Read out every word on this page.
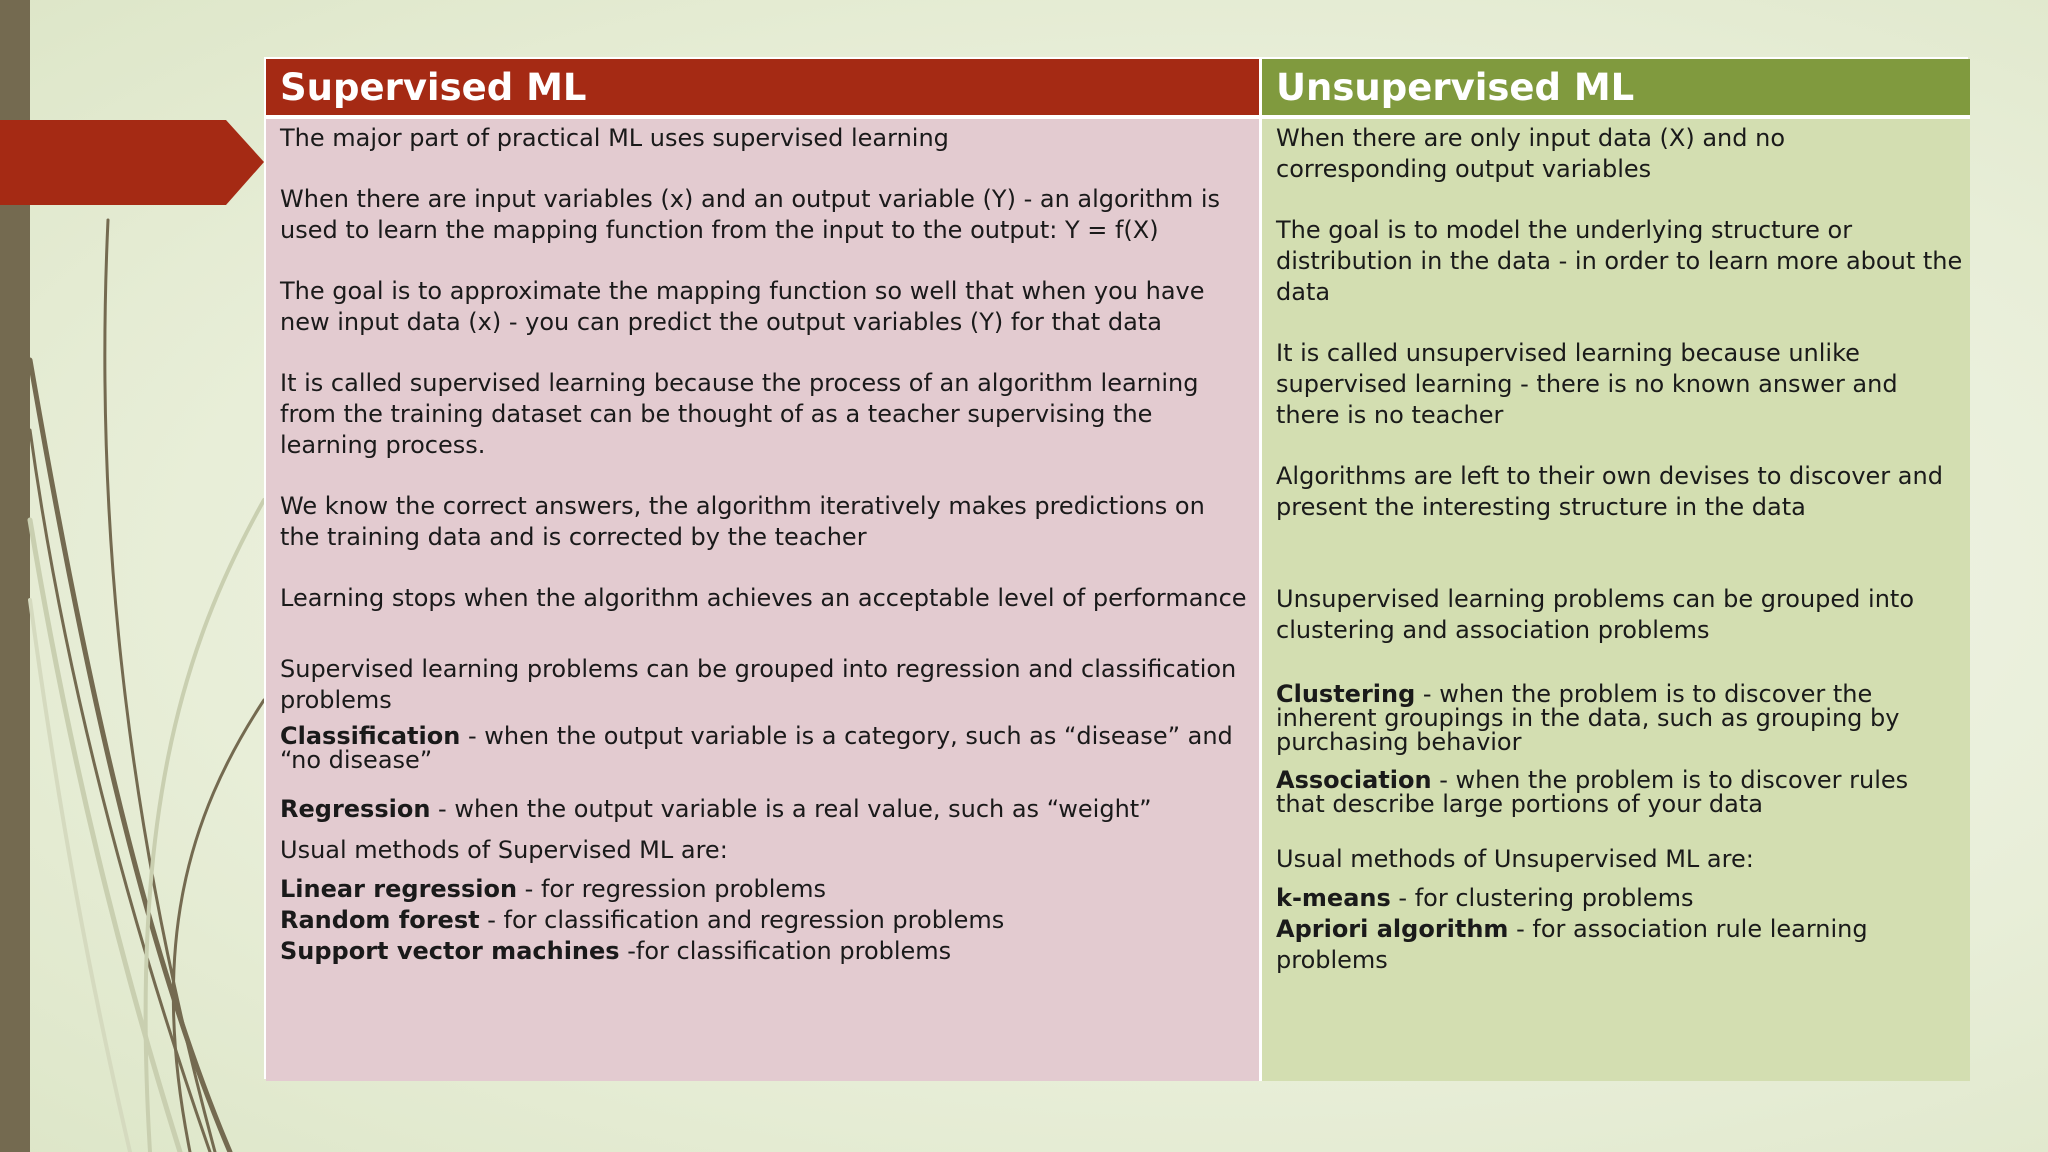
Supervised ML	Unsupervised ML

The major part of practical ML uses supervised learning

When there are input variables (x) and an output variable (Y) - an algorithm is used to learn the mapping function from the input to the output: Y = f(X)

The goal is to approximate the mapping function so well that when you have new input data (x) - you can predict the output variables (Y) for that data

It is called supervised learning because the process of an algorithm learning from the training dataset can be thought of as a teacher supervising the learning process.

We know the correct answers, the algorithm iteratively makes predictions on the training data and is corrected by the teacher

Learning stops when the algorithm achieves an acceptable level of performance

Supervised learning problems can be grouped into regression and classification problems

Classification - when the output variable is a category, such as “disease” and “no disease”

Regression - when the output variable is a real value, such as “weight”

Usual methods of Supervised ML are:

Linear regression - for regression problems

Random forest - for classification and regression problems

Support vector machines -for classification problems

When there are only input data (X) and no corresponding output variables

The goal is to model the underlying structure or distribution in the data - in order to learn more about the data

It is called unsupervised learning because unlike supervised learning - there is no known answer and there is no teacher

Algorithms are left to their own devises to discover and present the interesting structure in the data

Unsupervised learning problems can be grouped into clustering and association problems

Clustering - when the problem is to discover the inherent groupings in the data, such as grouping by purchasing behavior

Association - when the problem is to discover rules that describe large portions of your data

Usual methods of Unsupervised ML are:

k-means - for clustering problems

Apriori algorithm - for association rule learning problems
